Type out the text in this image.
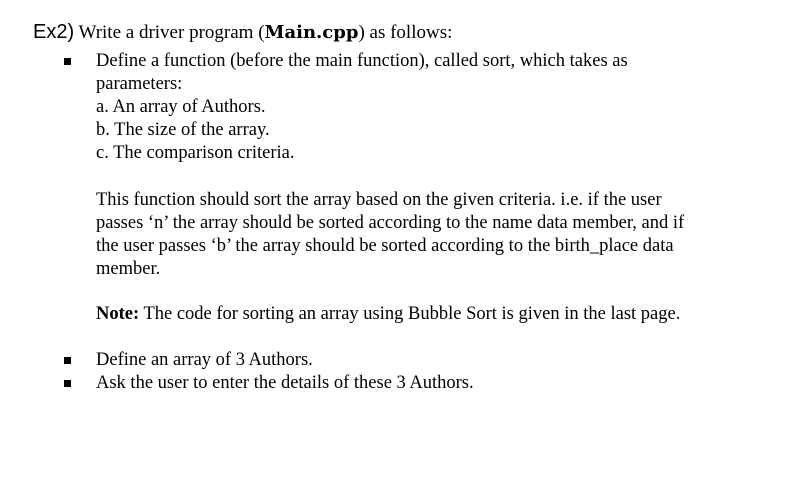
Ex2) Write a driver program (Main.cpp) as follows:
Define a function (before the main function), called sort, which takes as
parameters:
a. An array of Authors.
b. The size of the array.
c. The comparison criteria.
This function should sort the array based on the given criteria. i.e. if the user
passes ‘n’ the array should be sorted according to the name data member, and if
the user passes ‘b’ the array should be sorted according to the birth_place data
member.
Note: The code for sorting an array using Bubble Sort is given in the last page.
Define an array of 3 Authors.
Ask the user to enter the details of these 3 Authors.
